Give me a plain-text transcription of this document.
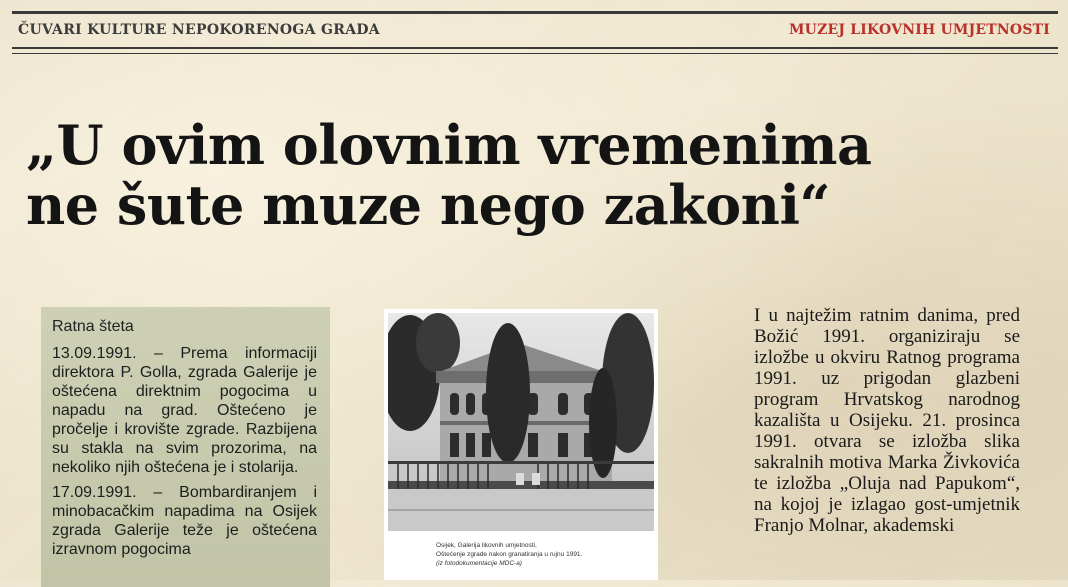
ČUVARI KULTURE NEPOKORENOGA GRADA	MUZEJ LIKOVNIH UMJETNOSTI
„U ovim olovnim vremenima
ne šute muze nego zakoni“

Ratna šteta

13.09.1991. – Prema informaciji direktora P. Golla, zgrada Galerije je oštećena direktnim pogocima u napadu na grad. Oštećeno je pročelje i krovište zgrade. Razbijena su stakla na svim prozorima, na nekoliko njih oštećena je i stolarija.

17.09.1991. – Bombardiranjem i minobacačkim napadima na Osijek zgrada Galerije teže je oštećena izravnom pogocima	Osijek, Galerija likovnih umjetnosti,
Oštećenje zgrade nakon granatiranja u rujnu 1991.
(iz fotodokumentacije MDC-a)
I u najtežim ratnim danima, pred Božić 1991. organiziraju se izložbe u okviru Ratnog programa 1991. uz prigodan glazbeni program Hrvatskog narodnog kazališta u Osijeku. 21. prosinca 1991. otvara se izložba slika sakralnih motiva Marka Živkovića te izložba „Oluja nad Papukom“, na kojoj je izlagao gost-umjetnik Franjo Molnar, akademski
